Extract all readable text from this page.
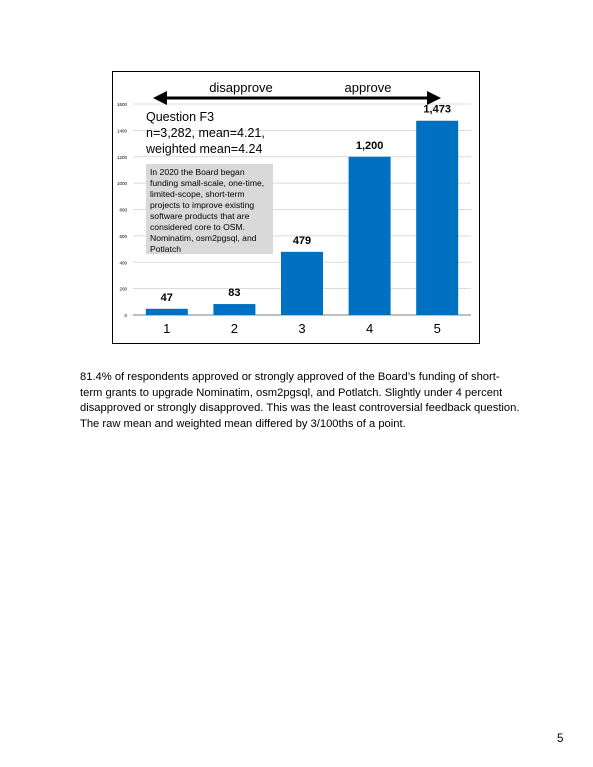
0
200
400
600
800
1000
1200
1400
1600
47
1
83
2
479
3
1,200
4
1,473
5
disapprove	approve
Question F3
n=3,282, mean=4.21,
weighted mean=4.24
In 2020 the Board began funding small-scale, one-time, limited-scope, short-term projects to improve existing software products that are considered core to OSM. Nominatim, osm2pgsql, and Potlatch
81.4% of respondents approved or strongly approved of the Board’s funding of short-term grants to upgrade Nominatim, osm2pgsql, and Potlatch. Slightly under 4 percent disapproved or strongly disapproved. This was the least controversial feedback question. The raw mean and weighted mean differed by 3/100ths of a point.
5
